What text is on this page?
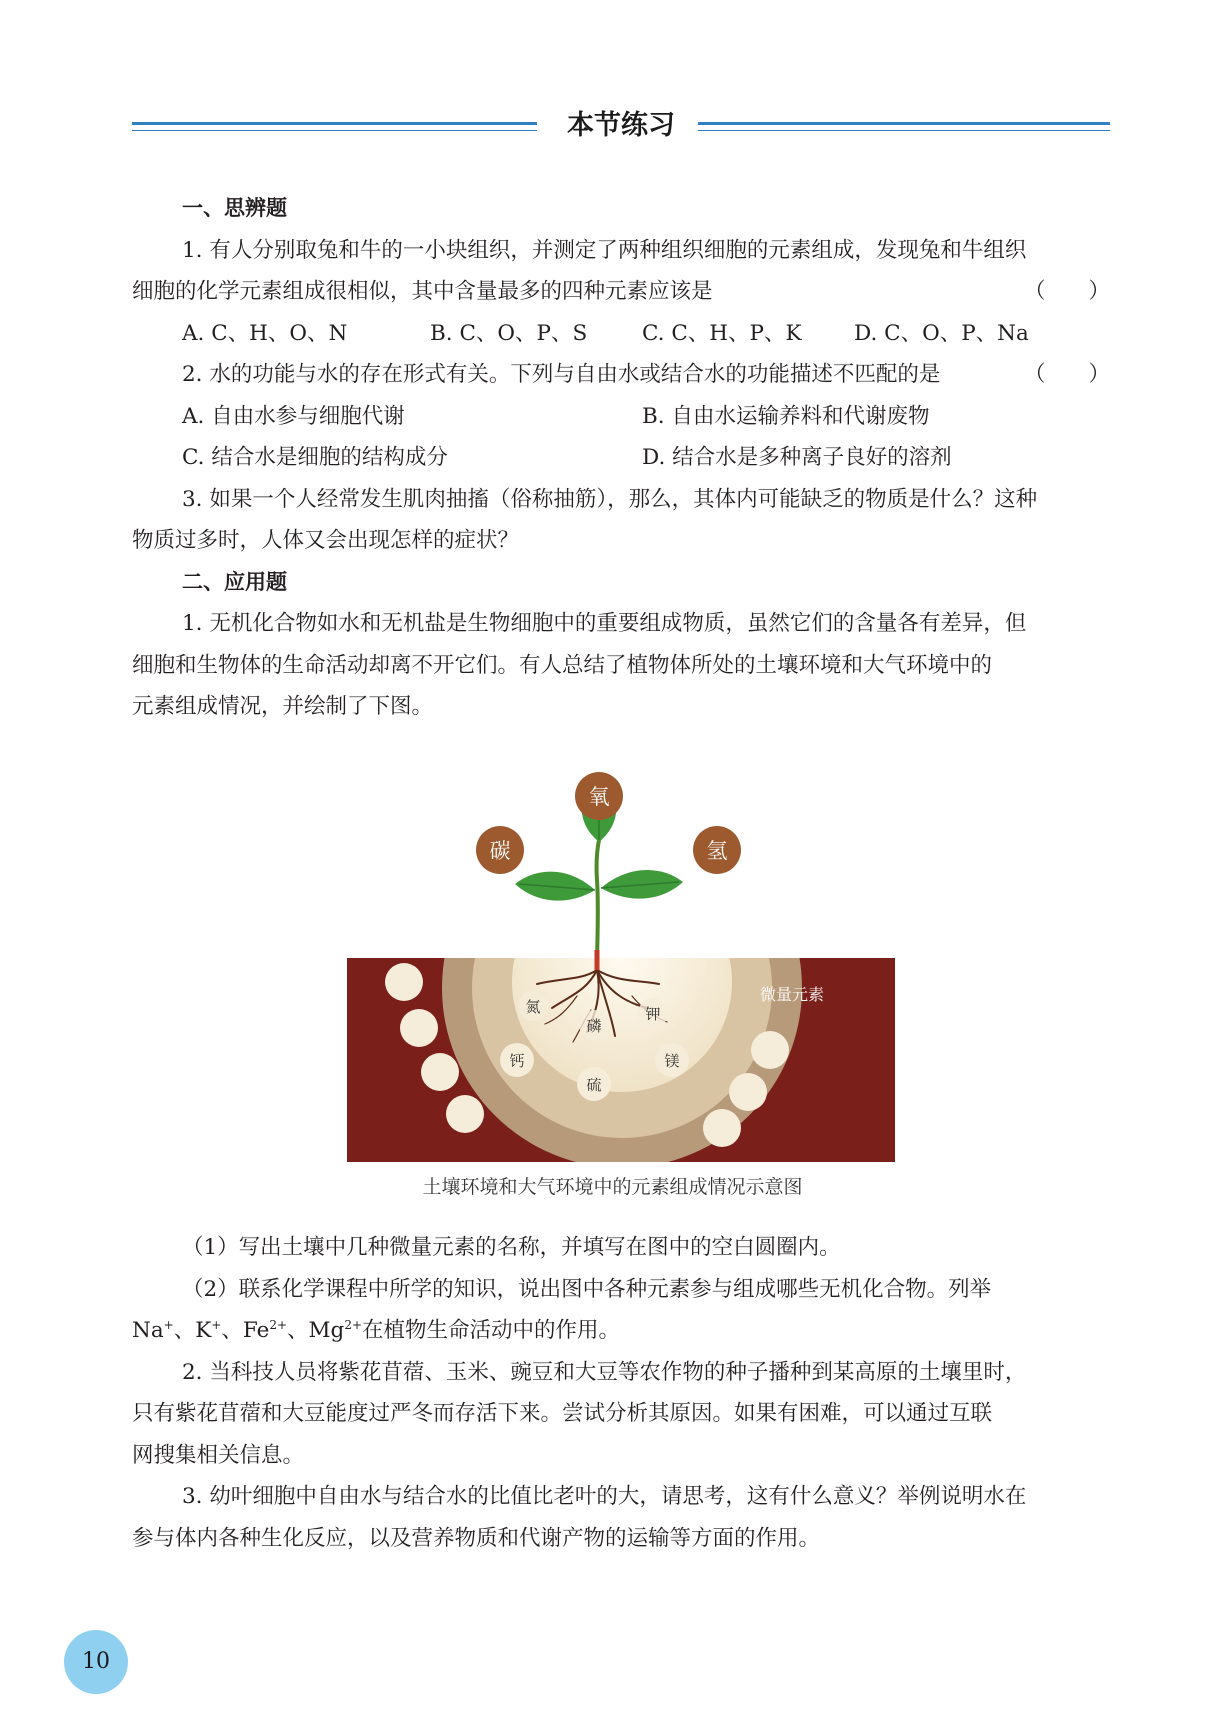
本节练习
一、思辨题
1. 有人分别取兔和牛的一小块组织，并测定了两种组织细胞的元素组成，发现兔和牛组织
细胞的化学元素组成很相似，其中含量最多的四种元素应该是	（　　）
A. C、H、O、N	B. C、O、P、S	C. C、H、P、K D. C、O、P、Na
2. 水的功能与水的存在形式有关。下列与自由水或结合水的功能描述不匹配的是	（　　）
A. 自由水参与细胞代谢	B. 自由水运输养料和代谢废物
C. 结合水是细胞的结构成分	D. 结合水是多种离子良好的溶剂
3. 如果一个人经常发生肌肉抽搐（俗称抽筋），那么，其体内可能缺乏的物质是什么？这种
物质过多时，人体又会出现怎样的症状？
二、应用题
1. 无机化合物如水和无机盐是生物细胞中的重要组成物质，虽然它们的含量各有差异，但
细胞和生物体的生命活动却离不开它们。有人总结了植物体所处的土壤环境和大气环境中的
元素组成情况，并绘制了下图。
氧
碳	氢
氮
磷
钾
钙	镁
硫
微量元素
土壤环境和大气环境中的元素组成情况示意图
（1）写出土壤中几种微量元素的名称，并填写在图中的空白圆圈内。
（2）联系化学课程中所学的知识，说出图中各种元素参与组成哪些无机化合物。列举
Na+、K+、$Fe^{2+}$、$Mg^{2+}$在植物生命活动中的作用。
2. 当科技人员将紫花苜蓿、玉米、豌豆和大豆等农作物的种子播种到某高原的土壤里时，
只有紫花苜蓿和大豆能度过严冬而存活下来。尝试分析其原因。如果有困难，可以通过互联
网搜集相关信息。
3. 幼叶细胞中自由水与结合水的比值比老叶的大，请思考，这有什么意义？举例说明水在
参与体内各种生化反应，以及营养物质和代谢产物的运输等方面的作用。
10
